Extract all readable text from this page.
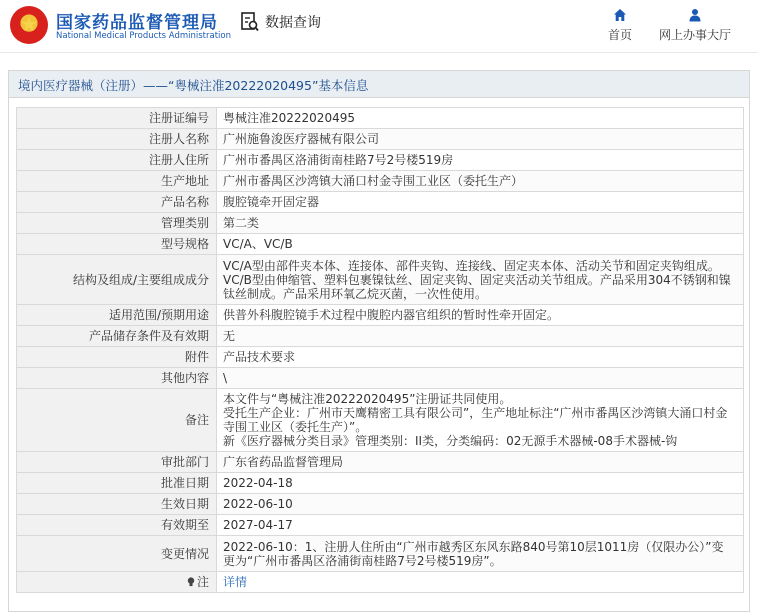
国家药品监督管理局
National Medical Products Administration
数据查询
首页	网上办事大厅
境内医疗器械（注册）——“粤械注准20222020495”基本信息
注册证编号	粤械注准20222020495
注册人名称	广州施鲁浚医疗器械有限公司
注册人住所	广州市番禺区洛浦街南桂路7号2号楼519房
生产地址	广州市番禺区沙湾镇大涌口村金寺围工业区（委托生产）
产品名称	腹腔镜牵开固定器
管理类别	第二类
型号规格	VC/A、VC/B
结构及组成/主要组成成分	VC/A型由部件夹本体、连接体、部件夹钩、连接线、固定夹本体、活动关节和固定夹钩组成。VC/B型由伸缩管、塑料包裹镍钛丝、固定夹钩、固定夹活动关节组成。产品采用304不锈钢和镍钛丝制成。产品采用环氧乙烷灭菌，一次性使用。
适用范围/预期用途	供普外科腹腔镜手术过程中腹腔内器官组织的暂时性牵开固定。
产品储存条件及有效期	无
附件	产品技术要求
其他内容	\
备注	本文件与“粤械注准20222020495”注册证共同使用。
受托生产企业：广州市天鹰精密工具有限公司”，生产地址标注“广州市番禺区沙湾镇大涌口村金寺围工业区（委托生产）”。
新《医疗器械分类目录》管理类别：II类，分类编码：02无源手术器械-08手术器械-钩

审批部门	广东省药品监督管理局
批准日期	2022-04-18
生效日期	2022-06-10
有效期至	2027-04-17
变更情况	2022-06-10：1、注册人住所由“广州市越秀区东风东路840号第10层1011房（仅限办公）”变更为“广州市番禺区洛浦街南桂路7号2号楼519房”。
注	详情
